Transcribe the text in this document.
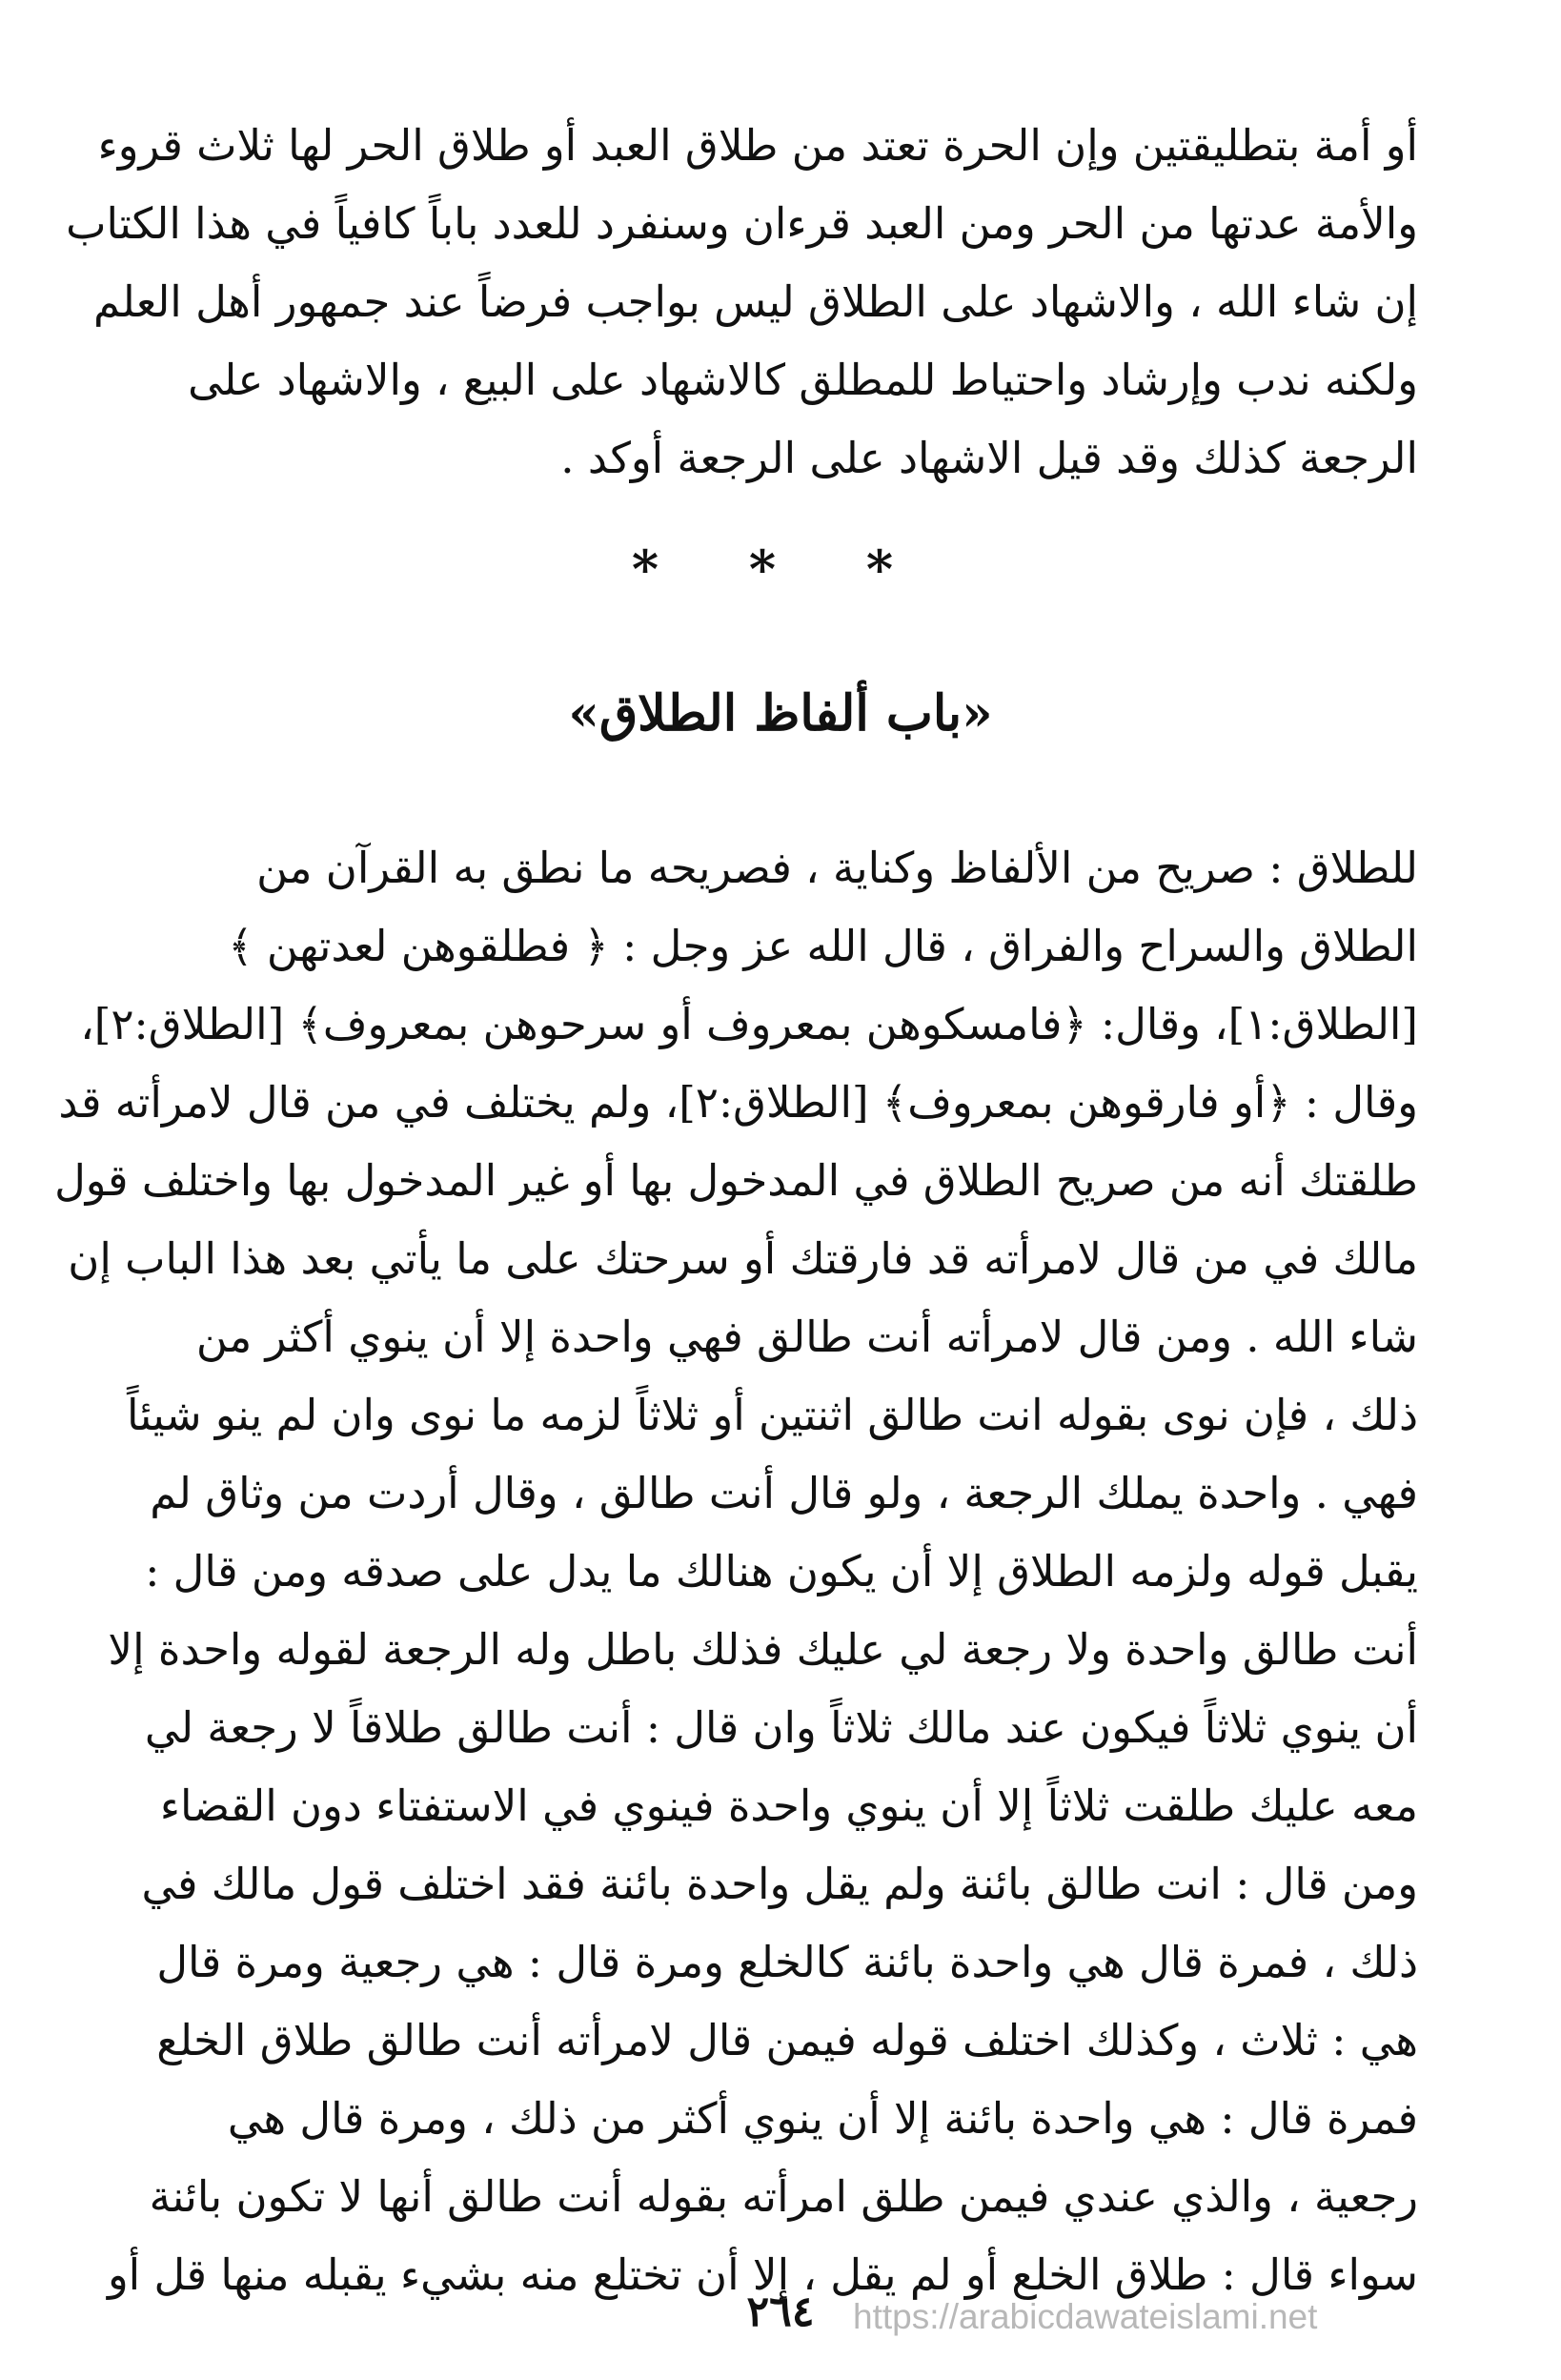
أو أمة بتطليقتين وإن الحرة تعتد من طلاق العبد أو طلاق الحر لها ثلاث قروء
والأمة عدتها من الحر ومن العبد قرءان وسنفرد للعدد باباً كافياً في هذا الكتاب
إن شاء الله ، والاشهاد على الطلاق ليس بواجب فرضاً عند جمهور أهل العلم
ولكنه ندب وإرشاد واحتياط للمطلق كالاشهاد على البيع ، والاشهاد على
الرجعة كذلك وقد قيل الاشهاد على الرجعة أوكد .
* * *
«باب ألفاظ الطلاق»
للطلاق : صريح من الألفاظ وكناية ، فصريحه ما نطق به القرآن من
الطلاق والسراح والفراق ، قال الله عز وجل : ﴿ فطلقوهن لعدتهن ﴾
[الطلاق:١]، وقال: ﴿فامسكوهن بمعروف أو سرحوهن بمعروف﴾ [الطلاق:٢]،
وقال : ﴿أو فارقوهن بمعروف﴾ [الطلاق:٢]، ولم يختلف في من قال لامرأته قد
طلقتك أنه من صريح الطلاق في المدخول بها أو غير المدخول بها واختلف قول
مالك في من قال لامرأته قد فارقتك أو سرحتك على ما يأتي بعد هذا الباب إن
شاء الله . ومن قال لامرأته أنت طالق فهي واحدة إلا أن ينوي أكثر من
ذلك ، فإن نوى بقوله انت طالق اثنتين أو ثلاثاً لزمه ما نوى وان لم ينو شيئاً
فهي . واحدة يملك الرجعة ، ولو قال أنت طالق ، وقال أردت من وثاق لم
يقبل قوله ولزمه الطلاق إلا أن يكون هنالك ما يدل على صدقه ومن قال :
أنت طالق واحدة ولا رجعة لي عليك فذلك باطل وله الرجعة لقوله واحدة إلا
أن ينوي ثلاثاً فيكون عند مالك ثلاثاً وان قال : أنت طالق طلاقاً لا رجعة لي
معه عليك طلقت ثلاثاً إلا أن ينوي واحدة فينوي في الاستفتاء دون القضاء
ومن قال : انت طالق بائنة ولم يقل واحدة بائنة فقد اختلف قول مالك في
ذلك ، فمرة قال هي واحدة بائنة كالخلع ومرة قال : هي رجعية ومرة قال
هي : ثلاث ، وكذلك اختلف قوله فيمن قال لامرأته أنت طالق طلاق الخلع
فمرة قال : هي واحدة بائنة إلا أن ينوي أكثر من ذلك ، ومرة قال هي
رجعية ، والذي عندي فيمن طلق امرأته بقوله أنت طالق أنها لا تكون بائنة
سواء قال : طلاق الخلع أو لم يقل ، إلا أن تختلع منه بشيء يقبله منها قل أو
٢٦٤	https://arabicdawateislami.net
